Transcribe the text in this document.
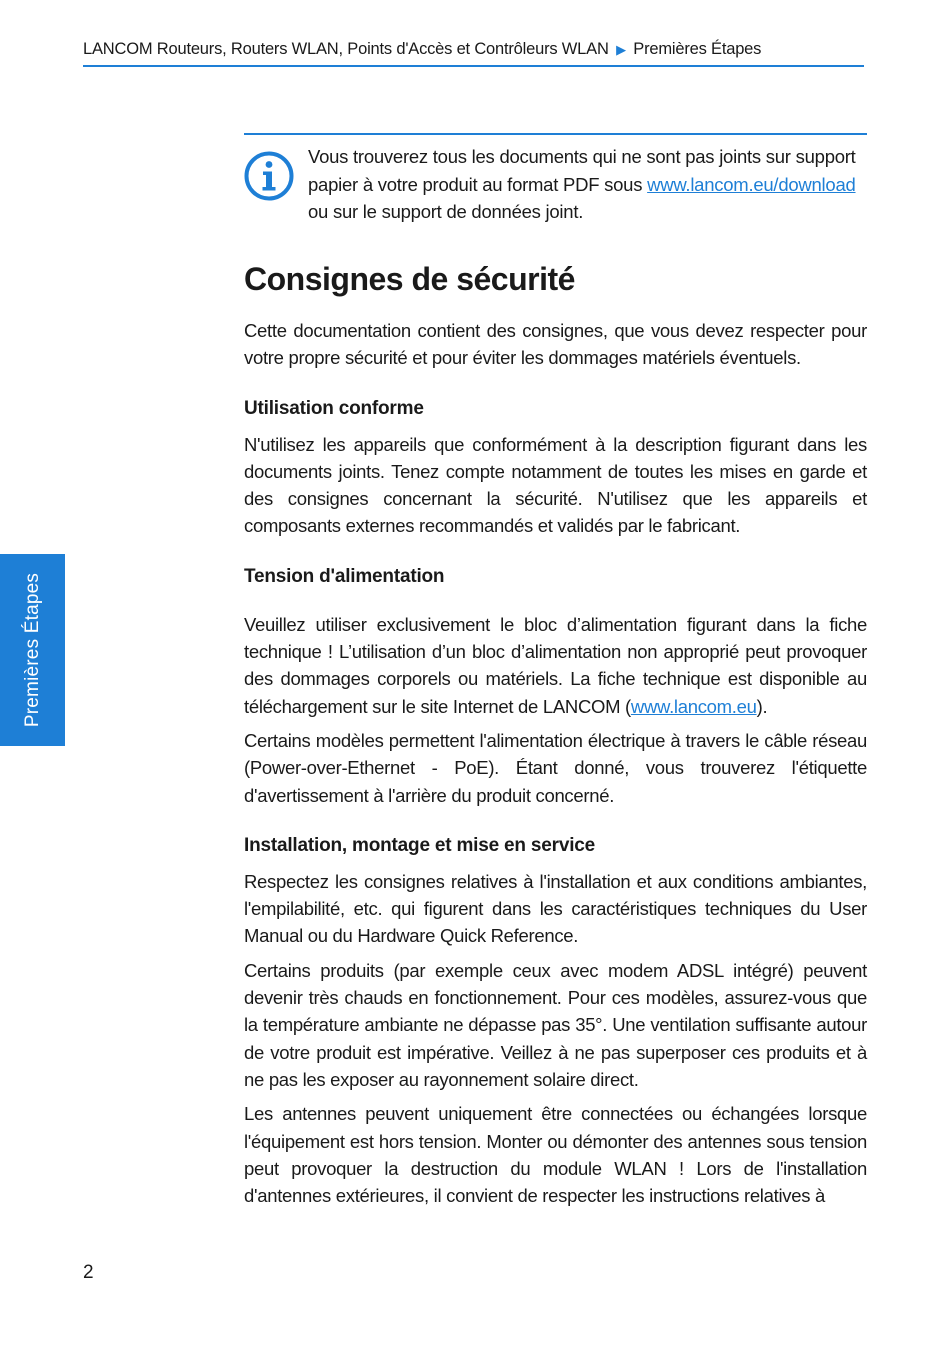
LANCOM Routeurs, Routers WLAN, Points d'Accès et Contrôleurs WLAN ▶ Premières Étapes
Premières Étapes
Vous trouverez tous les documents qui ne sont pas joints sur support papier à votre produit au format PDF sous www.lancom.eu/download ou sur le support de données joint.
Consignes de sécurité

Cette documentation contient des consignes, que vous devez respecter pour votre propre sécurité et pour éviter les dommages matériels éventuels.

Utilisation conforme

N'utilisez les appareils que conformément à la description figurant dans les documents joints. Tenez compte notamment de toutes les mises en garde et des consignes concernant la sécurité. N'utilisez que les appareils et composants externes recommandés et validés par le fabricant.

Tension d'alimentation

Veuillez utiliser exclusivement le bloc d’alimentation figurant dans la fiche technique ! L’utilisation d’un bloc d’alimentation non approprié peut provoquer des dommages corporels ou matériels. La fiche technique est disponible au téléchargement sur le site Internet de LANCOM (www.lancom.eu).

Certains modèles permettent l'alimentation électrique à travers le câble réseau (Power-over-Ethernet - PoE). Étant donné, vous trouverez l'étiquette d'avertissement à l'arrière du produit concerné.

Installation, montage et mise en service

Respectez les consignes relatives à l'installation et aux conditions ambiantes, l'empilabilité, etc. qui figurent dans les caractéristiques techniques du User Manual ou du Hardware Quick Reference.

Certains produits (par exemple ceux avec modem ADSL intégré) peuvent devenir très chauds en fonctionnement. Pour ces modèles, assurez-vous que la température ambiante ne dépasse pas 35°. Une ventilation suffisante autour de votre produit est impérative. Veillez à ne pas superposer ces produits et à ne pas les exposer au rayonnement solaire direct.

Les antennes peuvent uniquement être connectées ou échangées lorsque l'équipement est hors tension. Monter ou démonter des antennes sous tension peut provoquer la destruction du module WLAN ! Lors de l'installation d'antennes extérieures, il convient de respecter les instructions relatives à

2
